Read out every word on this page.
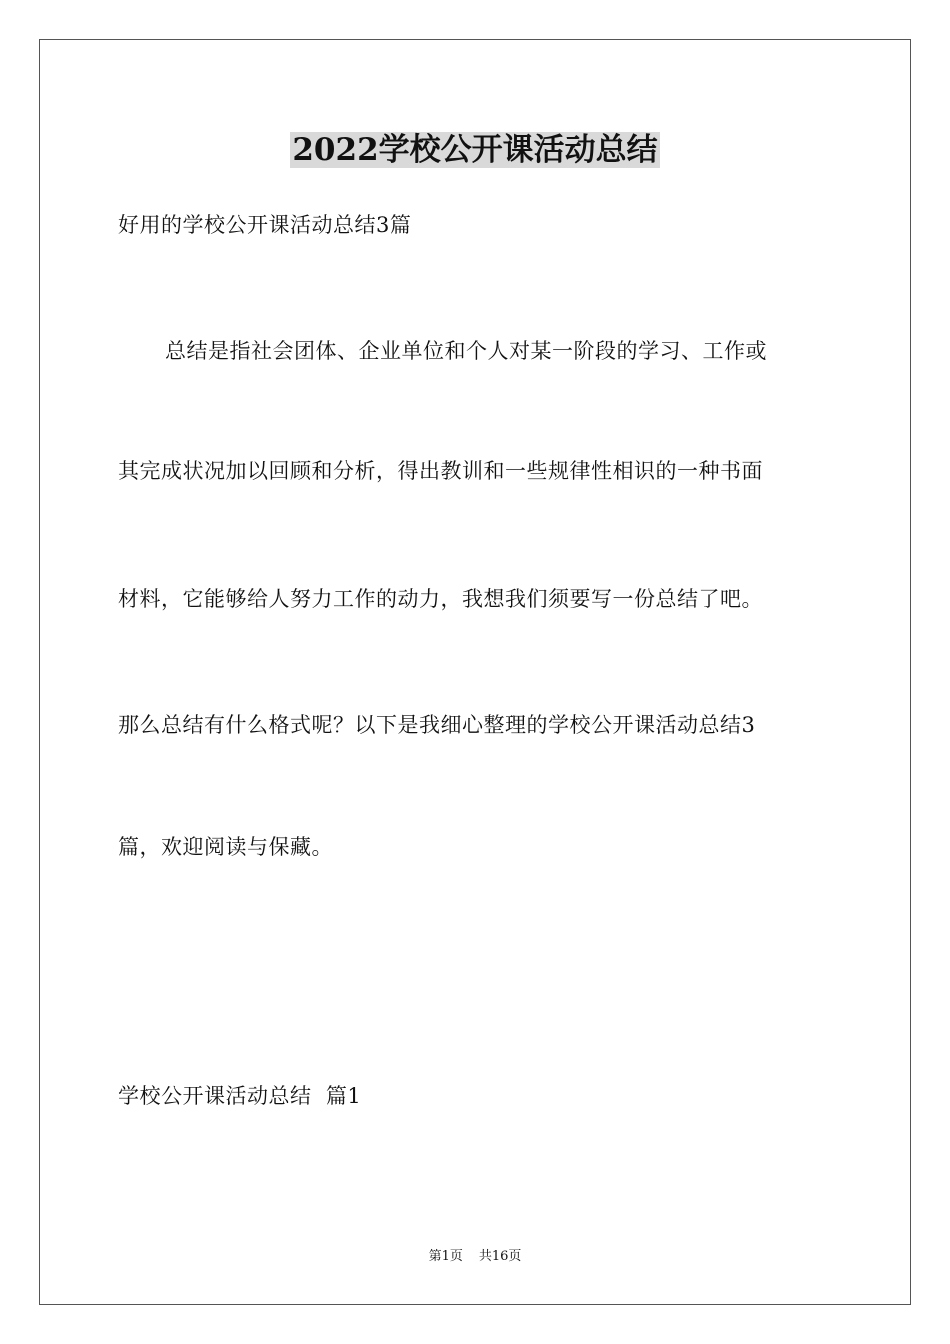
2022学校公开课活动总结
好用的学校公开课活动总结3篇
总结是指社会团体、企业单位和个人对某一阶段的学习、工作或
其完成状况加以回顾和分析，得出教训和一些规律性相识的一种书面
材料，它能够给人努力工作的动力，我想我们须要写一份总结了吧。
那么总结有什么格式呢？以下是我细心整理的学校公开课活动总结3
篇，欢迎阅读与保藏。
学校公开课活动总结  篇1
第1页 共16页
